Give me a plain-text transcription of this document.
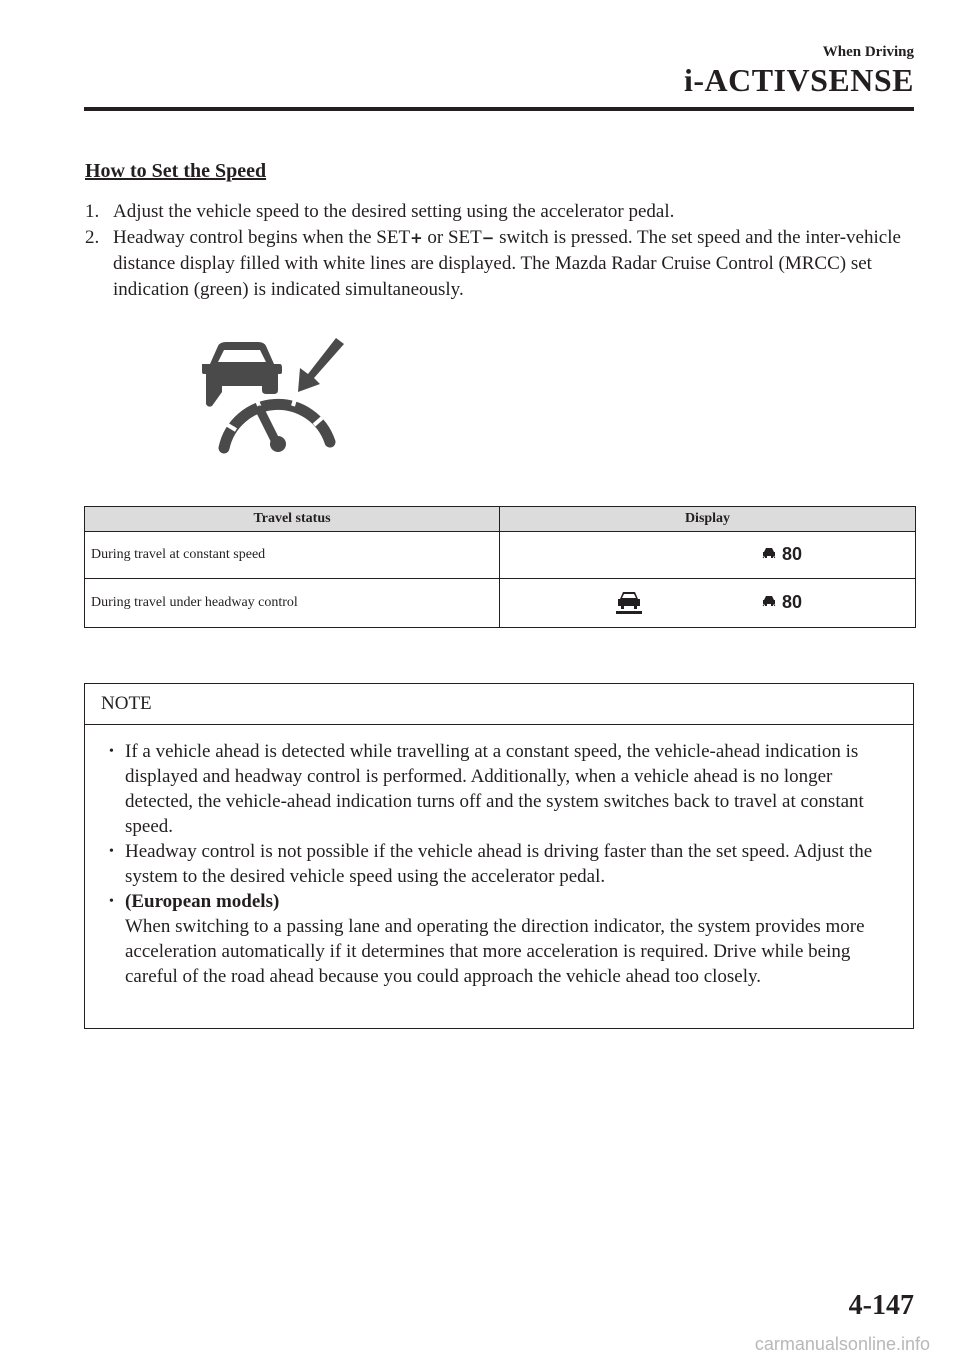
When Driving
i-ACTIVSENSE
How to Set the Speed
1. Adjust the vehicle speed to the desired setting using the accelerator pedal.
2. Headway control begins when the SET+ or SET− switch is pressed. The set speed and the inter-vehicle distance display filled with white lines are displayed. The Mazda Radar Cruise Control (MRCC) set indication (green) is indicated simultaneously.
Travel status	Display
During travel at constant speed	80

During travel under headway control	80
NOTE
• If a vehicle ahead is detected while travelling at a constant speed, the vehicle-ahead indication is displayed and headway control is performed. Additionally, when a vehicle ahead is no longer detected, the vehicle-ahead indication turns off and the system switches back to travel at constant speed.
• Headway control is not possible if the vehicle ahead is driving faster than the set speed. Adjust the system to the desired vehicle speed using the accelerator pedal.
• (European models)
When switching to a passing lane and operating the direction indicator, the system provides more acceleration automatically if it determines that more acceleration is required. Drive while being careful of the road ahead because you could approach the vehicle ahead too closely.
4-147
carmanualsonline.info
